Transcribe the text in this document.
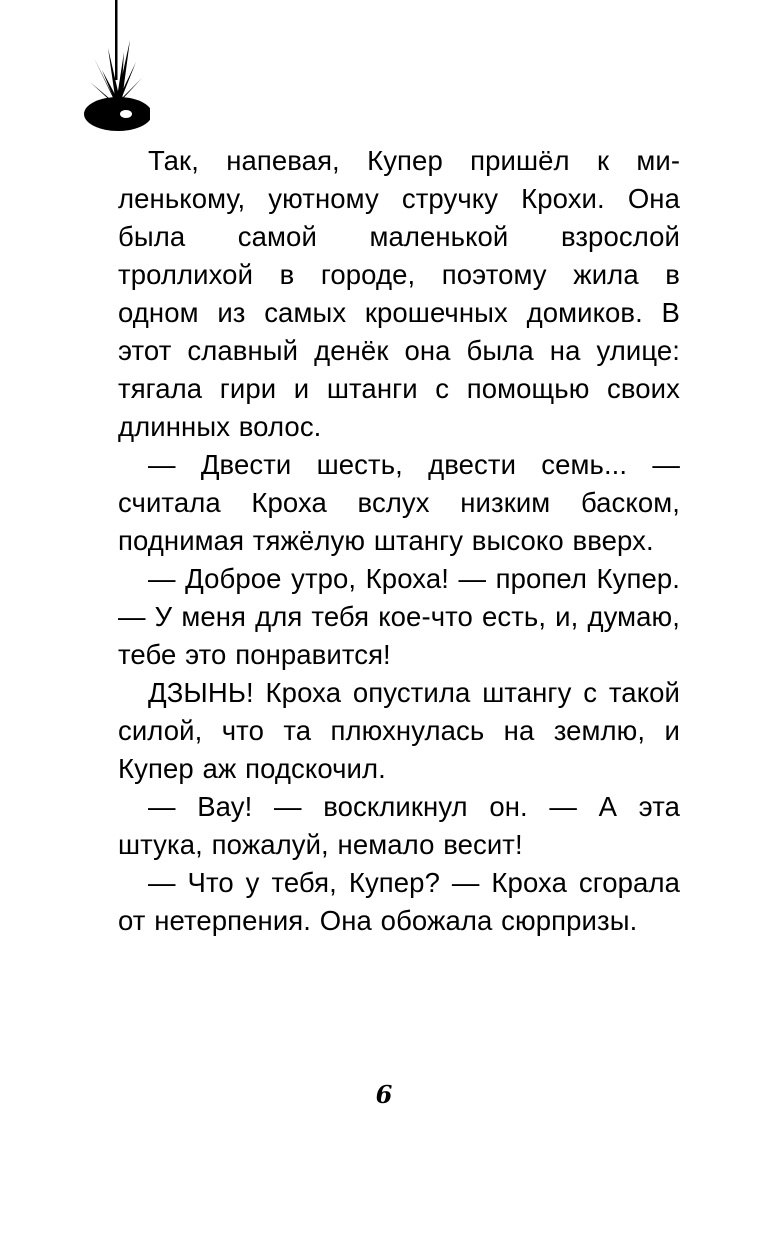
Так, напевая, Купер пришёл к миленькому, уютному стручку Крохи. Она была самой маленькой взрослой троллихой в городе, поэтому жила в одном из самых крошечных домиков. В этот славный денёк она была на улице: тягала гири и штанги с помощью своих длинных волос.

— Двести шесть, двести семь... — считала Кроха вслух низким баском, поднимая тяжёлую штангу высоко вверх.

— Доброе утро, Кроха! — пропел Купер. — У меня для тебя кое-что есть, и, думаю, тебе это понравится!

ДЗЫНЬ! Кроха опустила штангу с такой силой, что та плюхнулась на землю, и Купер аж подскочил.

— Вау! — воскликнул он. — А эта штука, пожалуй, немало весит!

— Что у тебя, Купер? — Кроха сгорала от нетерпения. Она обожала сюрпризы.

6
